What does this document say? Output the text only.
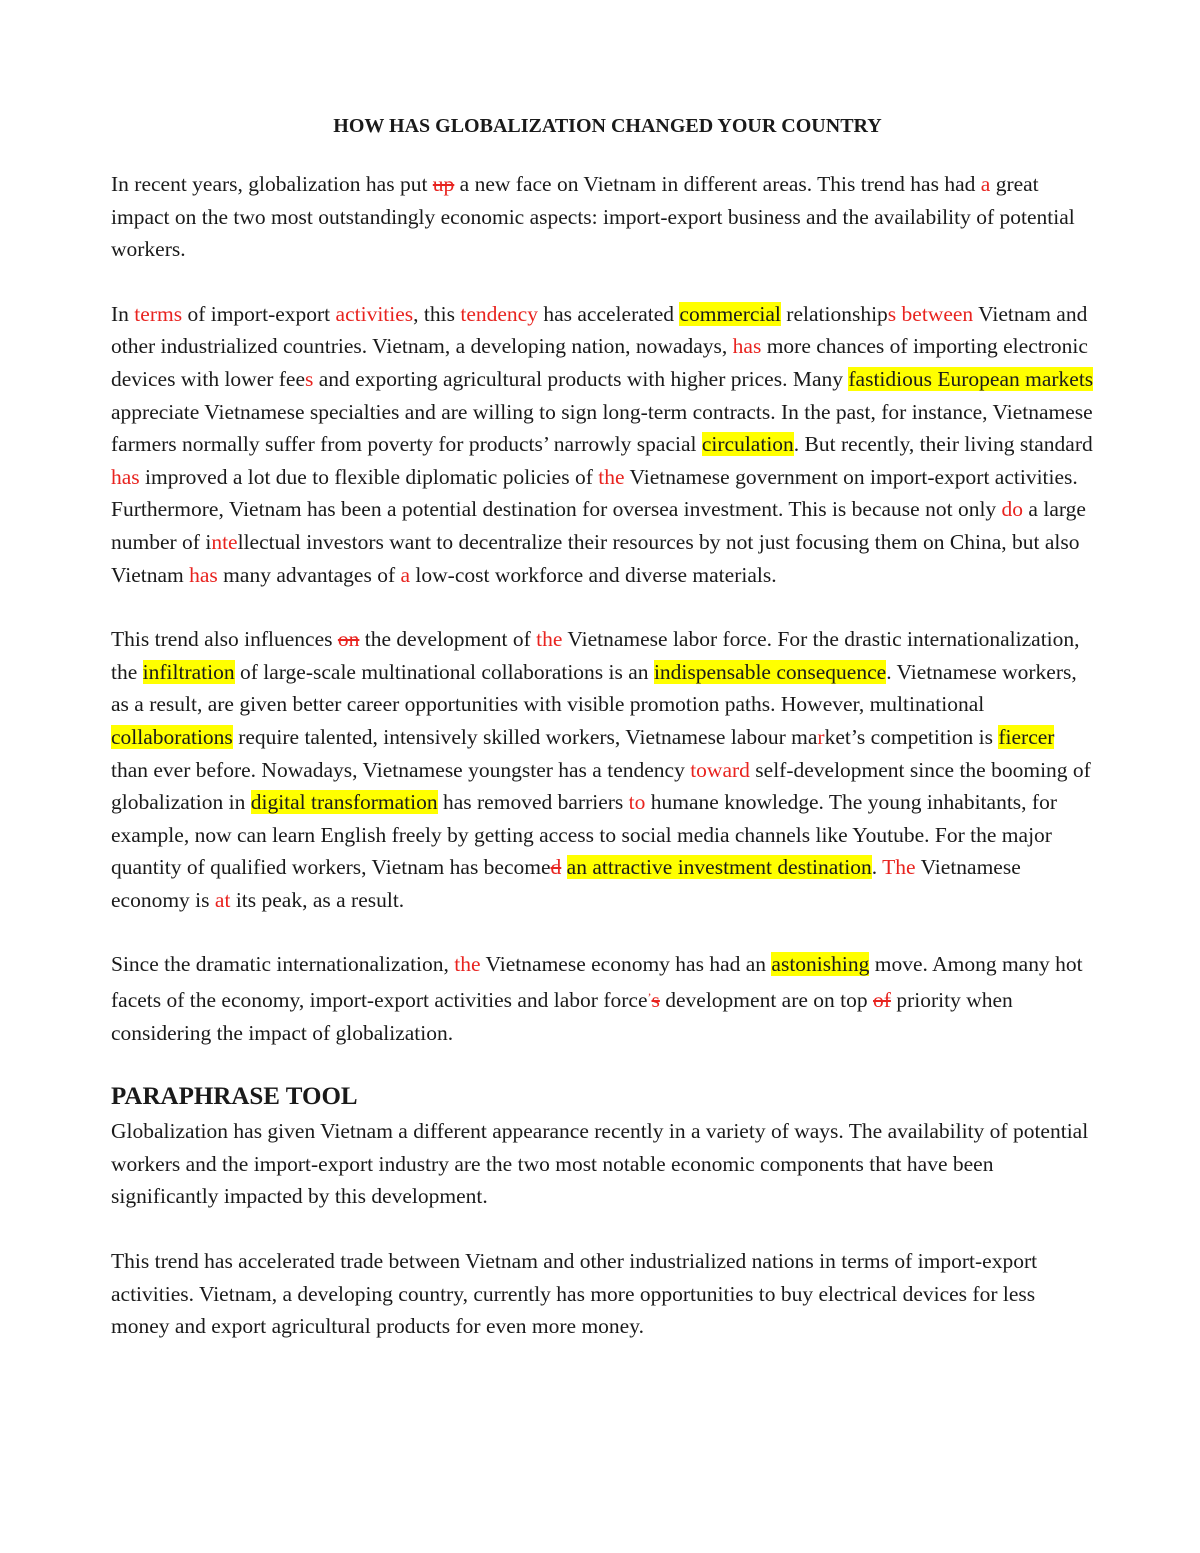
HOW HAS GLOBALIZATION CHANGED YOUR COUNTRY
In recent years, globalization has put up a new face on Vietnam in different areas. This trend has had a great impact on the two most outstandingly economic aspects: import-export business and the availability of potential workers.
In terms of import-export activities, this tendency has accelerated commercial relationships between Vietnam and other industrialized countries. Vietnam, a developing nation, nowadays, has more chances of importing electronic devices with lower fees and exporting agricultural products with higher prices. Many fastidious European markets appreciate Vietnamese specialties and are willing to sign long-term contracts. In the past, for instance, Vietnamese farmers normally suffer from poverty for products’ narrowly spacial circulation. But recently, their living standard has improved a lot due to flexible diplomatic policies of the Vietnamese government on import-export activities. Furthermore, Vietnam has been a potential destination for oversea investment. This is because not only do a large number of intellectual investors want to decentralize their resources by not just focusing them on China, but also Vietnam has many advantages of a low-cost workforce and diverse materials.
This trend also influences on the development of the Vietnamese labor force. For the drastic internationalization, the infiltration of large-scale multinational collaborations is an indispensable consequence. Vietnamese workers, as a result, are given better career opportunities with visible promotion paths. However, multinational collaborations require talented, intensively skilled workers, Vietnamese labour market’s competition is fiercer than ever before. Nowadays, Vietnamese youngster has a tendency toward self-development since the booming of globalization in digital transformation has removed barriers to humane knowledge. The young inhabitants, for example, now can learn English freely by getting access to social media channels like Youtube. For the major quantity of qualified workers, Vietnam has becomed an attractive investment destination. The Vietnamese economy is at its peak, as a result.
Since the dramatic internationalization, the Vietnamese economy has had an astonishing move. Among many hot facets of the economy, import-export activities and labor force’s development are on top of priority when considering the impact of globalization.
PARAPHRASE TOOL
Globalization has given Vietnam a different appearance recently in a variety of ways. The availability of potential workers and the import-export industry are the two most notable economic components that have been significantly impacted by this development.
This trend has accelerated trade between Vietnam and other industrialized nations in terms of import-export activities. Vietnam, a developing country, currently has more opportunities to buy electrical devices for less money and export agricultural products for even more money.
